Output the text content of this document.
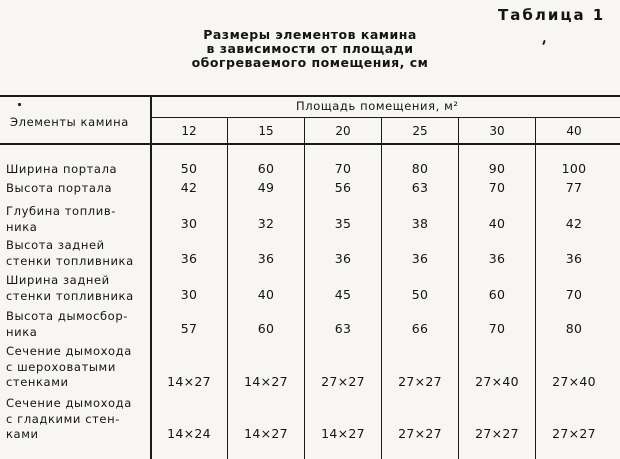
Таблица 1
Размеры элементов камина
в зависимости от площади
обогреваемого помещения, см
Элементы камина
Площадь помещения, м²
12	15	20	25	30	40
Ширина портала	50	60	70	80	90	100
Высота портала	42	49	56	63	70	77
Глубина топлив-
ника	30	32	35	38	40	42
Высота задней
стенки топливника	36	36	36	36	36	36
Ширина задней
стенки топливника	30	40	45	50	60	70
Высота дымосбор-
ника	57	60	63	66	70	80
Сечение дымохода
с шероховатыми
стенками	14×27	14×27	27×27	27×27	27×40	27×40
Сечение дымохода
с гладкими стен-
ками	14×24	14×27	14×27	27×27	27×27	27×27
